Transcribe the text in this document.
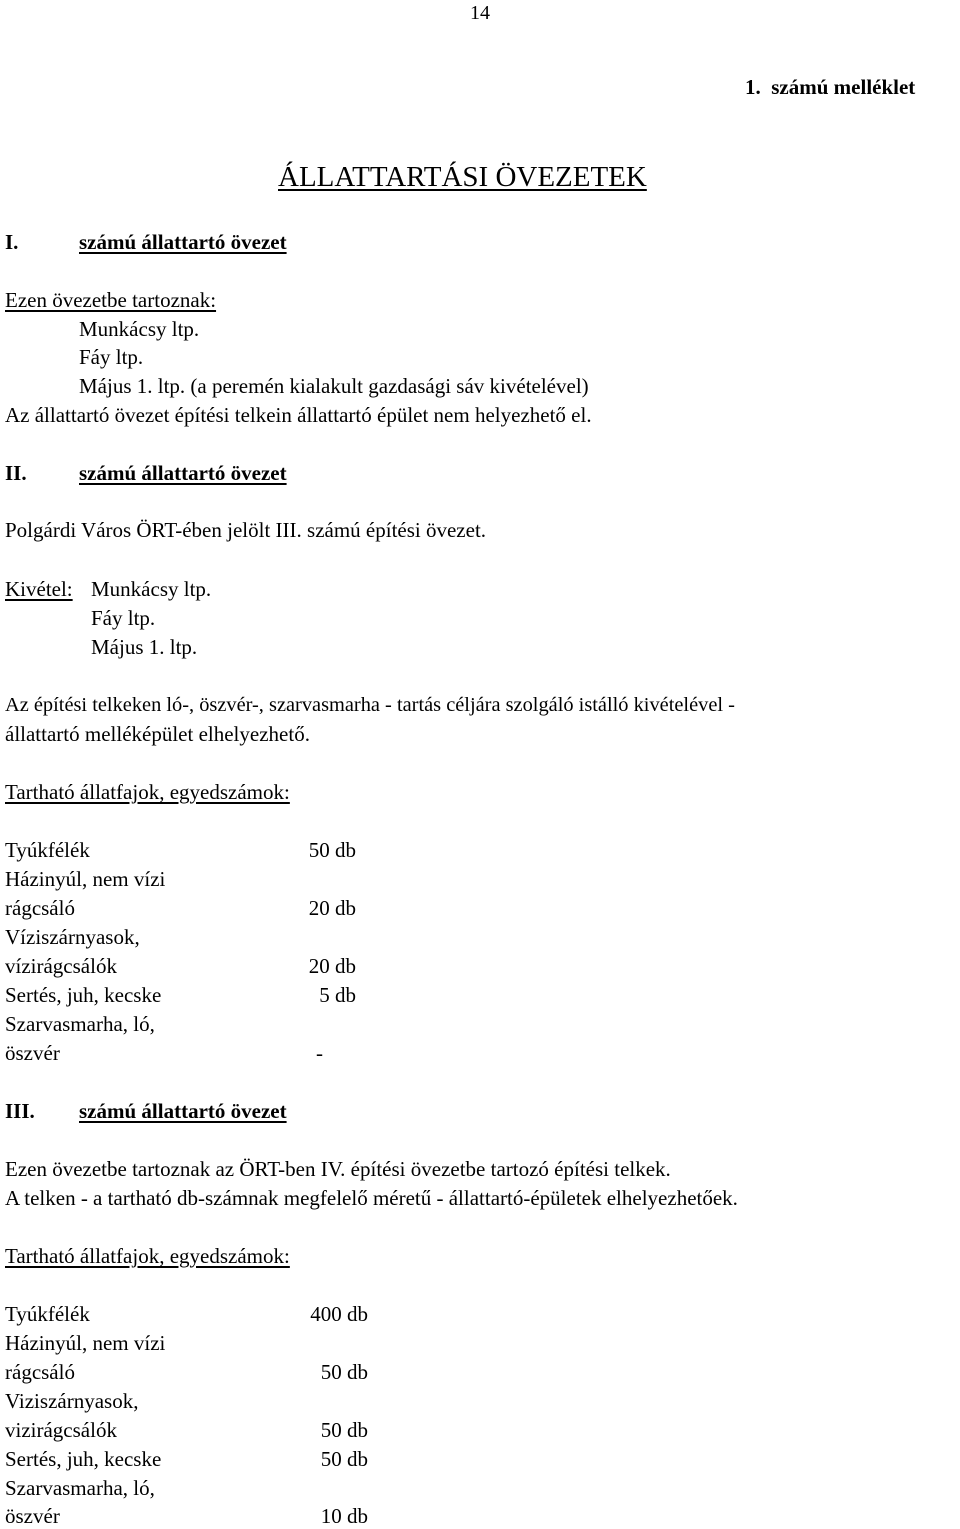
14
1.  számú melléklet
ÁLLATTARTÁSI ÖVEZETEK
I.	számú állattartó övezet
Ezen övezetbe tartoznak:
Munkácsy ltp.
Fáy ltp.
Május 1. ltp. (a peremén kialakult gazdasági sáv kivételével)
Az állattartó övezet építési telkein állattartó épület nem helyezhető el.
II. számú állattartó övezet
Polgárdi Város ÖRT-ében jelölt III. számú építési övezet.
Kivétel: Munkácsy ltp.
Fáy ltp.
Május 1. ltp.
Az építési telkeken ló-, öszvér-, szarvasmarha - tartás céljára szolgáló istálló kivételével -
állattartó melléképület elhelyezhető.
Tartható állatfajok, egyedszámok:
Tyúkfélék	50 db
Házinyúl, nem vízi
rágcsáló	20 db
Víziszárnyasok,
vízirágcsálók	20 db
Sertés, juh, kecske	5 db
Szarvasmarha, ló,
öszvér	-
III. számú állattartó övezet
Ezen övezetbe tartoznak az ÖRT-ben IV. építési övezetbe tartozó építési telkek.
A telken - a tartható db-számnak megfelelő méretű - állattartó-épületek elhelyezhetőek.
Tartható állatfajok, egyedszámok:
Tyúkfélék	400 db
Házinyúl, nem vízi
rágcsáló	50 db
Viziszárnyasok,
vizirágcsálók	50 db
Sertés, juh, kecske	50 db
Szarvasmarha, ló,
öszvér	10 db
